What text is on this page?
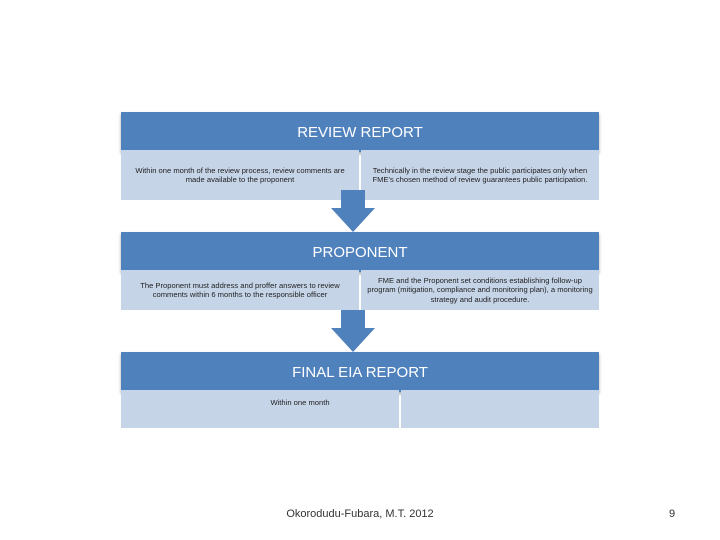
REVIEW REPORT
Within one month of the review process, review comments are made available to the proponent
Technically in the review stage the public participates only when FME's chosen method of review guarantees public participation.
PROPONENT
The Proponent must address and proffer answers to review comments within 6 months to the responsible officer
FME and the Proponent set conditions establishing follow-up program (mitigation, compliance and monitoring plan), a monitoring strategy and audit procedure.
FINAL EIA REPORT
Within one month
Okorodudu-Fubara, M.T. 2012	9
